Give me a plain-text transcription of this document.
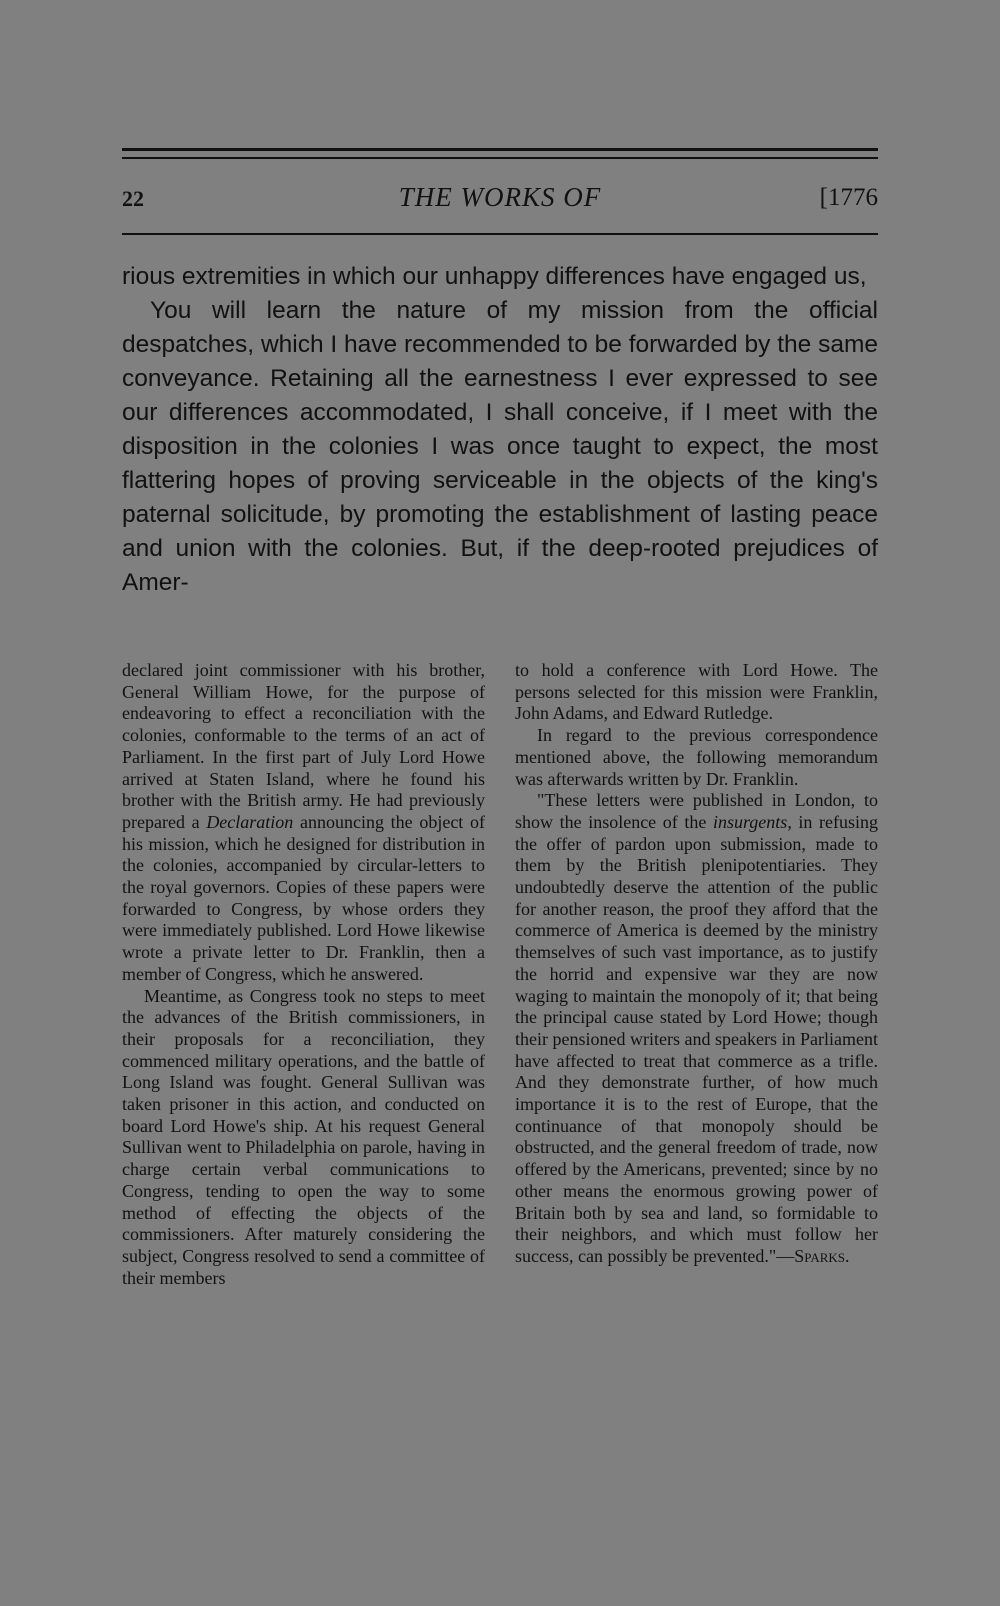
22	THE WORKS OF	[1776

rious extremities in which our unhappy differences have engaged us,

You will learn the nature of my mission from the official despatches, which I have recommended to be forwarded by the same conveyance. Retaining all the earnestness I ever expressed to see our differences accommodated, I shall conceive, if I meet with the disposition in the colonies I was once taught to expect, the most flattering hopes of proving serviceable in the objects of the king's paternal solicitude, by promoting the establishment of lasting peace and union with the colonies. But, if the deep-rooted prejudices of Amer-

declared joint commissioner with his brother, General William Howe, for the purpose of endeavoring to effect a reconciliation with the colonies, conformable to the terms of an act of Parliament. In the first part of July Lord Howe arrived at Staten Island, where he found his brother with the British army. He had previously prepared a Declaration announcing the object of his mission, which he designed for distribution in the colonies, accompanied by circular-letters to the royal governors. Copies of these papers were forwarded to Congress, by whose orders they were immediately published. Lord Howe likewise wrote a private letter to Dr. Franklin, then a member of Congress, which he answered.

Meantime, as Congress took no steps to meet the advances of the British commissioners, in their proposals for a reconciliation, they commenced military operations, and the battle of Long Island was fought. General Sullivan was taken prisoner in this action, and conducted on board Lord Howe's ship. At his request General Sullivan went to Philadelphia on parole, having in charge certain verbal communications to Congress, tending to open the way to some method of effecting the objects of the commissioners. After maturely considering the subject, Congress resolved to send a committee of their members

to hold a conference with Lord Howe. The persons selected for this mission were Franklin, John Adams, and Edward Rutledge.

In regard to the previous correspondence mentioned above, the following memorandum was afterwards written by Dr. Franklin.

"These letters were published in London, to show the insolence of the insurgents, in refusing the offer of pardon upon submission, made to them by the British plenipotentiaries. They undoubtedly deserve the attention of the public for another reason, the proof they afford that the commerce of America is deemed by the ministry themselves of such vast importance, as to justify the horrid and expensive war they are now waging to maintain the monopoly of it; that being the principal cause stated by Lord Howe; though their pensioned writers and speakers in Parliament have affected to treat that commerce as a trifle. And they demonstrate further, of how much importance it is to the rest of Europe, that the continuance of that monopoly should be obstructed, and the general freedom of trade, now offered by the Americans, prevented; since by no other means the enormous growing power of Britain both by sea and land, so formidable to their neighbors, and which must follow her success, can possibly be prevented."—Sparks.
